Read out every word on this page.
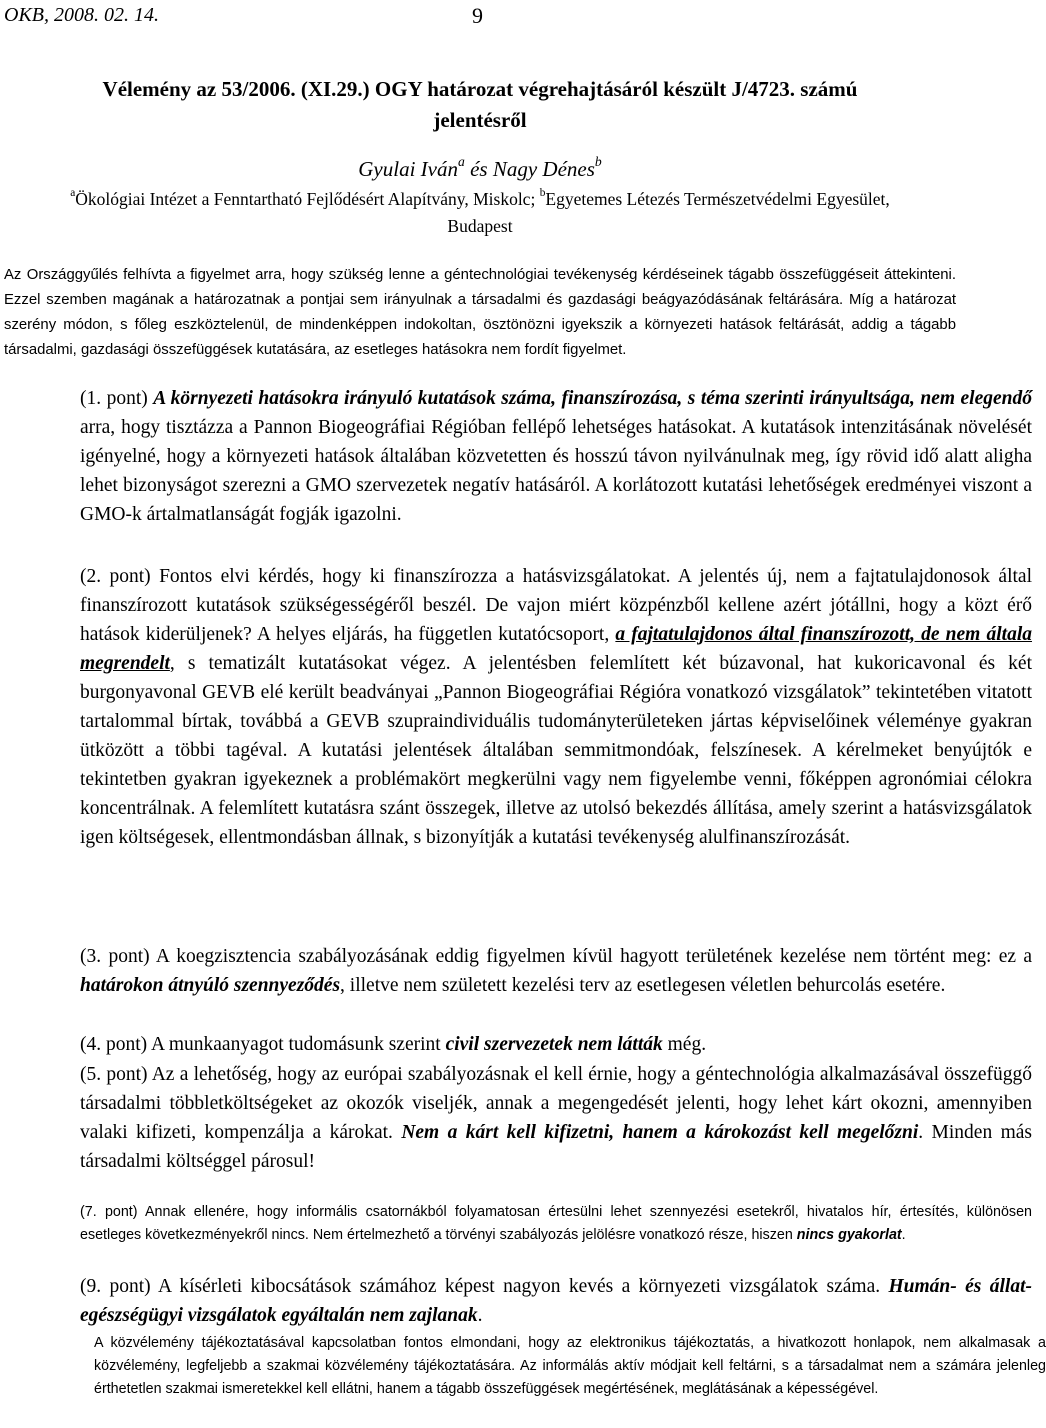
OKB, 2008. 02. 14.	9
Vélemény az 53/2006. (XI.29.) OGY határozat végrehajtásáról készült J/4723. számú
jelentésről
Gyulai Iván$^a$ és Nagy Dénes$^b$
$^a$Ökológiai Intézet a Fenntartható Fejlődésért Alapítvány, Miskolc; $^b$Egyetemes Létezés Természetvédelmi Egyesület, Budapest

Az Országgyűlés felhívta a figyelmet arra, hogy szükség lenne a géntechnológiai tevékenység kérdéseinek tágabb összefüggéseit áttekinteni. Ezzel szemben magának a határozatnak a pontjai sem irányulnak a társadalmi és gazdasági beágyazódásának feltárására. Míg a határozat szerény módon, s főleg eszköztelenül, de mindenképpen indokoltan, ösztönözni igyekszik a környezeti hatások feltárását, addig a tágabb társadalmi, gazdasági összefüggések kutatására, az esetleges hatásokra nem fordít figyelmet.

(1. pont) A környezeti hatásokra irányuló kutatások száma, finanszírozása, s téma szerinti irányultsága, nem elegendő arra, hogy tisztázza a Pannon Biogeográfiai Régióban fellépő lehetséges hatásokat. A kutatások intenzitásának növelését igényelné, hogy a környezeti hatások általában közvetetten és hosszú távon nyilvánulnak meg, így rövid idő alatt aligha lehet bizonyságot szerezni a GMO szervezetek negatív hatásáról. A korlátozott kutatási lehetőségek eredményei viszont a GMO-k ártalmatlanságát fogják igazolni.

(2. pont) Fontos elvi kérdés, hogy ki finanszírozza a hatásvizsgálatokat. A jelentés új, nem a fajtatulajdonosok által finanszírozott kutatások szükségességéről beszél. De vajon miért közpénzből kellene azért jótállni, hogy a közt érő hatások kiderüljenek? A helyes eljárás, ha független kutatócsoport, a fajtatulajdonos által finanszírozott, de nem általa megrendelt, s tematizált kutatásokat végez. A jelentésben felemlített két búzavonal, hat kukoricavonal és két burgonyavonal GEVB elé került beadványai „Pannon Biogeográfiai Régióra vonatkozó vizsgálatok” tekintetében vitatott tartalommal bírtak, továbbá a GEVB szupraindividuális tudományterületeken jártas képviselőinek véleménye gyakran ütközött a többi tagéval. A kutatási jelentések általában semmitmondóak, felszínesek. A kérelmeket benyújtók e tekintetben gyakran igyekeznek a problémakört megkerülni vagy nem figyelembe venni, főképpen agronómiai célokra koncentrálnak. A felemlített kutatásra szánt összegek, illetve az utolsó bekezdés állítása, amely szerint a hatásvizsgálatok igen költségesek, ellentmondásban állnak, s bizonyítják a kutatási tevékenység alulfinanszírozását.

(3. pont) A koegzisztencia szabályozásának eddig figyelmen kívül hagyott területének kezelése nem történt meg: ez a határokon átnyúló szennyeződés, illetve nem született kezelési terv az esetlegesen véletlen behurcolás esetére.

(4. pont) A munkaanyagot tudomásunk szerint civil szervezetek nem látták még.

(5. pont) Az a lehetőség, hogy az európai szabályozásnak el kell érnie, hogy a géntechnológia alkalmazásával összefüggő társadalmi többletköltségeket az okozók viseljék, annak a megengedését jelenti, hogy lehet kárt okozni, amennyiben valaki kifizeti, kompenzálja a károkat. Nem a kárt kell kifizetni, hanem a károkozást kell megelőzni. Minden más társadalmi költséggel párosul!

(7. pont) Annak ellenére, hogy informális csatornákból folyamatosan értesülni lehet szennyezési esetekről, hivatalos hír, értesítés, különösen esetleges következményekről nincs. Nem értelmezhető a törvényi szabályozás jelölésre vonatkozó része, hiszen nincs gyakorlat.

(9. pont) A kísérleti kibocsátások számához képest nagyon kevés a környezeti vizsgálatok száma. Humán- és állat-egészségügyi vizsgálatok egyáltalán nem zajlanak.

A közvélemény tájékoztatásával kapcsolatban fontos elmondani, hogy az elektronikus tájékoztatás, a hivatkozott honlapok, nem alkalmasak a közvélemény, legfeljebb a szakmai közvélemény tájékoztatására. Az informálás aktív módjait kell feltárni, s a társadalmat nem a számára jelenleg érthetetlen szakmai ismeretekkel kell ellátni, hanem a tágabb összefüggések megértésének, meglátásának a képességével.
